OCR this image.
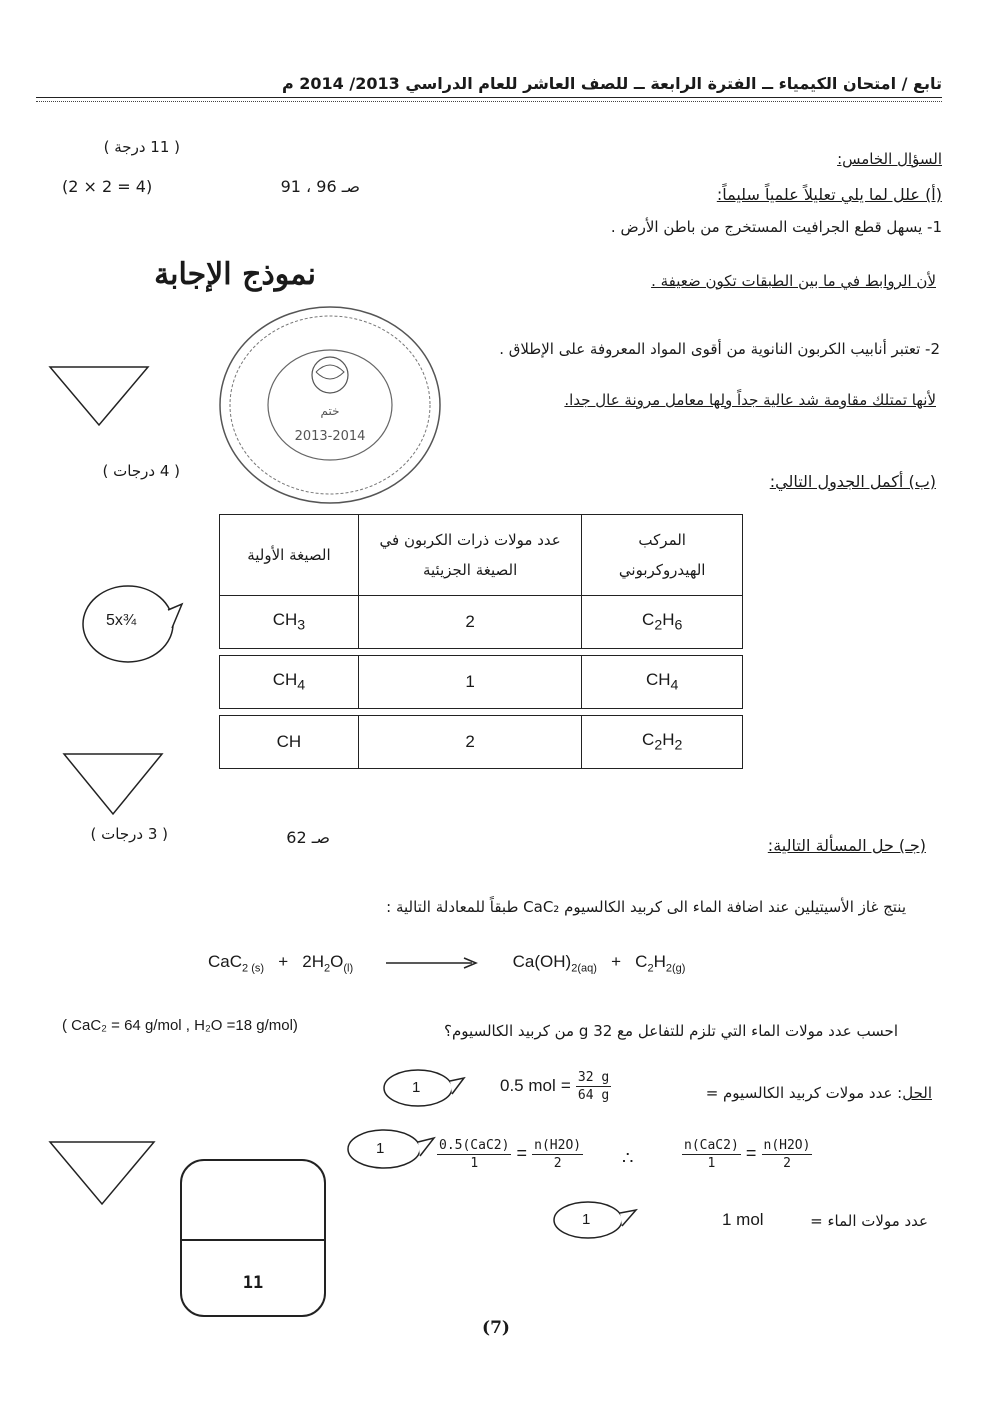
تابع / امتحان الكيمياء ــ الفترة الرابعة ــ للصف العاشر للعام الدراسي 2013/ 2014 م
السؤال الخامس:
( 11 درجة )
(2 × 2 = 4)	صـ 96 ، 91	(أ) علل لما يلي تعليلاً علمياً سليماً:
1- يسهل قطع الجرافيت المستخرج من باطن الأرض .
نموذج الإجابة	لأن الروابط في ما بين الطبقات تكون ضعيفة .
ختم
2013-2014
2- تعتبر أنابيب الكربون النانوية من أقوى المواد المعروفة على الإطلاق .
لأنها تمتلك مقاومة شد عالية جداً ولها معامل مرونة عال جدا.
( 4 درجات )
(ب) أكمل الجدول التالي:
5x¾
الصيغة الأولية	عدد مولات ذرات الكربون في الصيغة الجزيئية	المركب الهيدروكربوني
$CH_3$	2	$C_2H_6$

$CH_4$	1	$CH_4$

CH	2	$C_2H_2$
( 3 درجات )	صـ 62	(جـ) حل المسألة التالية:
ينتج غاز الأسيتيلين عند اضافة الماء الى كربيد الكالسيوم CaC₂ طبقاً للمعادلة التالية :
$CaC_{2 (s)} + 2H_2O_{(l)}$	$Ca(OH)_{2(aq)} + C_2H_{2(g)}$
احسب عدد مولات الماء التي تلزم للتفاعل مع 32 g من كربيد الكالسيوم؟
( CaC₂ = 64 g/mol , H₂O =18 g/mol)
الحل: عدد مولات كربيد الكالسيوم =
0.5 mol = $\frac{32 g}{64 g}$
1
$\frac{\text{n(CaC2)}}{1} = \frac{n(H2O)}{2}$
∴
$\frac{\text{0.5(CaC2)}}{1} = \frac{n(H2O)}{2}$
1
عدد مولات الماء =
1 mol
1
11
(7)
